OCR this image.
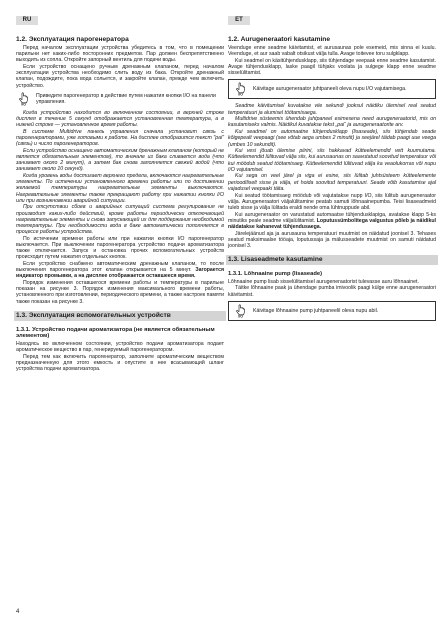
RU	ET
1.2. Эксплуатация парогенератора

Перед началом эксплуатации устройства убедитесь в том, что в помещении парильни нет каких-либо посторонних предметов. Пар должен беспрепятственно выходить из сопла. Откройте запорный вентиль для подачи воды.

Если устройство оснащено ручным дренажным клапаном, перед началом эксплуатации устройства необходимо слить воду из бака. Откройте дренажный клапан, подождите, пока вода сольется, и закройте клапан, прежде чем включить устройство.

I/O
Приведите парогенератор в действие путем нажатия кнопки I/O на панели управления.

Когда устройство находится во включенном состоянии, в верхней строке дисплея в течение 5 секунд отображается установленная температура, а в нижней строке — установленное время работы.

В системе Multidrive панель управления сначала установит связь с парогенераторами, уже готовыми к работе. На дисплее отобразится текст "pai" (связь) и число парогенераторов.

Если устройство оснащено автоматическим дренажным клапаном (который не является обязательным элементом), то вначале из бака сливается вода (что занимает около 2 минут), а затем бак снова заполняется свежей водой (что занимает около 10 секунд).

Когда уровень воды достигает верхнего предела, включаются нагревательные элементы. По истечении установленного времени работы или по достижении желаемой температуры нагревательные элементы выключаются. Нагревательные элементы также прекращают работу при нажатии кнопки I/O или при возникновении аварийной ситуации.

При отсутствии сбоев и аварийных ситуаций система регулирования не производит каких-либо действий, кроме работы периодически отключающей нагревательные элементы и снова запускающей их для поддержания необходимой температуры. При необходимости вода в баке автоматически пополняется в процессе работы устройства.

По истечении времени работы или при нажатии кнопки I/O парогенератор выключается. При выключении парогенератора устройство подачи ароматизатора также отключается. Запуск и остановка прочих вспомогательных устройств происходит путем нажатия отдельных кнопок.

Если устройство снабжено автоматическим дренажным клапаном, то после выключения парогенератора этот клапан открывается на 5 минут. Загорается индикатор промывки, а на дисплее отображается оставшееся время.

Порядок изменения оставшегося времени работы и температуры в парильне показан на рисунке 3. Порядок изменения максимального времени работы, установленного при изготовлении, периодического времени, а также настроек памяти также показан на рисунке 3.

1.3. Эксплуатация вспомогательных устройств
1.3.1. Устройство подачи ароматизатора (не является обязательным элементом)

Находясь во включенном состоянии, устройство подачи ароматизатора подает ароматическое вещество в пар, генерируемый парогенератором.

Перед тем как включить парогенератор, заполните ароматическим веществом предназначенную для этого емкость и опустите в нее всасывающий шланг устройства подачи ароматизатора.

1.2. Aurugeneraatori kasutamine

Veenduge enne seadme käivitamist, et aurusaunas pole esemeid, mis sinna ei kuulu. Veenduge, et aur saab vabalt otsikust välja tulla. Avage toitevee toru sulgklapp.

Kui seadmel on käsitühjendusklapp, siis tühjendage veepaak enne seadme kasutamist. Avage tühjendusklapp, laske paagil tühjaks voolata ja sulgege klapp enne seadme sisselülitamist.

I/O
Käivitage aurugeneraator juhtpaneeli oleva nupu I/O vajutamisega.

Seadme käivitumisel kuvatakse viie sekundi jooksul näidiku ülemisel real seatud temperatuuri ja alumisel töötamisaega.

Multidrive süsteemis ühendab juhtpaneel esimesena need aurugeneraatorid, mis on kasutamiseks valmis. Näidikul kuvatakse tekst „pai“ ja aurugeneraatorite arv.

Kui seadmel on automaatne tühjendusklapp (lisaseade), siis tühjendab seade kõigepealt veepaagi (see võtab aega umbes 2 minutit) ja seejärel täidab paagi uue veega (umbes 10 sekundit).

Kui vesi jõuab ülemise piirini, siis hakkavad kütteelemendid vett kuumutama. Kütteelemendid lülituvad välja siis, kui aurusaunas on saavutatud soovitud temperatuur või kui möödub seatud töötamisaeg. Kütteelemendid lülituvad välja ka veaolukorras või nupu I/O vajutamisel.

Kui sega on veel järel ja viga ei esine, siis lülitab juhtsüsteem kütteelemente perioodiliselt sisse ja välja, et hoida soovitud temperatuuri. Seade võib kasutamise ajal vajadusel veepaaki täita.

Kui seatud töötamisaeg möödub või vajutatakse nupp I/O, siis lülitub aurugeneraator välja. Aurugeneraatori väljalülitamine peatab samuti lõhnaainepumba. Teisi lisaseadmeid tuleb sisse ja välja lülitada eraldi nende oma lühtnuppude abil.

Kui aurugeneraator on varustatud automaatse tühjendusklapiga, avatakse klapp 5-ks minutiks peale seadme väljalülitamist. Loputussümbolitega valgustus põleb ja näidikul näidatakse kahanevat tühjendusaega.

Järelejäänud aja ja aurusauna temperatuuri muutmist on näidatud joonisel 3. Tehases seatud maksimaalse tööaja, loputussaja ja mälusseadete muutmist on samuti näidatud joonisel 3.

1.3. Lisaseadmete kasutamine
1.3.1. Lõhnaaine pump (lisaseade)

Lõhnaaine pump lisab sisselülitamisel aurugeneraatorist tulevasse auru lõhnaainet.

Täitke lõhnaaine paak ja ühendage pumba imivoolik paagi külge enne aurugeneraatori käivitamist.

I/O
Käivitage lõhnaaine pump juhtpaneelil oleva nupu abil.
4
